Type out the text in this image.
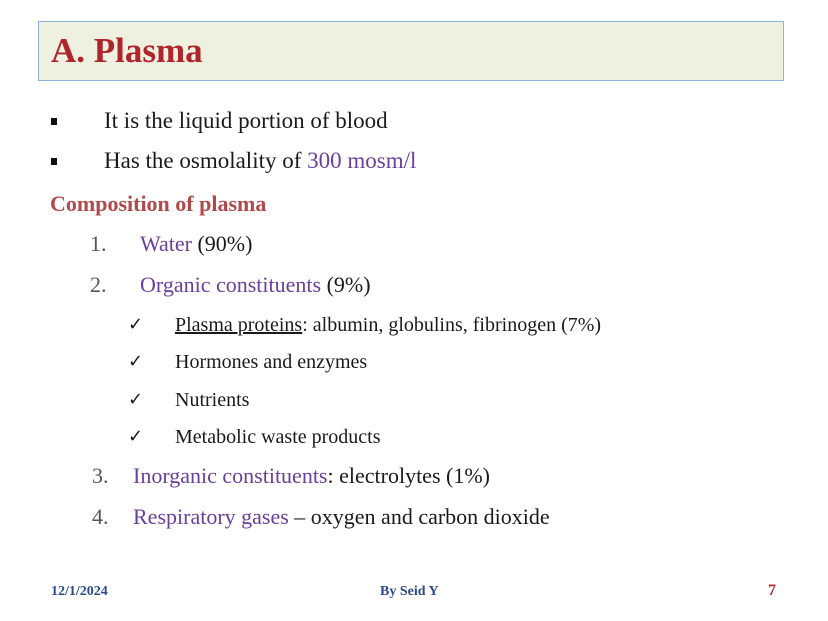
A. Plasma
It is the liquid portion of blood
Has the osmolality of 300 mosm/l
Composition of plasma
1. Water (90%)
2. Organic constituents (9%)
✓ Plasma proteins: albumin, globulins, fibrinogen (7%)
✓ Hormones and enzymes
✓ Nutrients
✓ Metabolic waste products
3. Inorganic constituents: electrolytes (1%)
4. Respiratory gases – oxygen and carbon dioxide
12/1/2024	By Seid Y	7
